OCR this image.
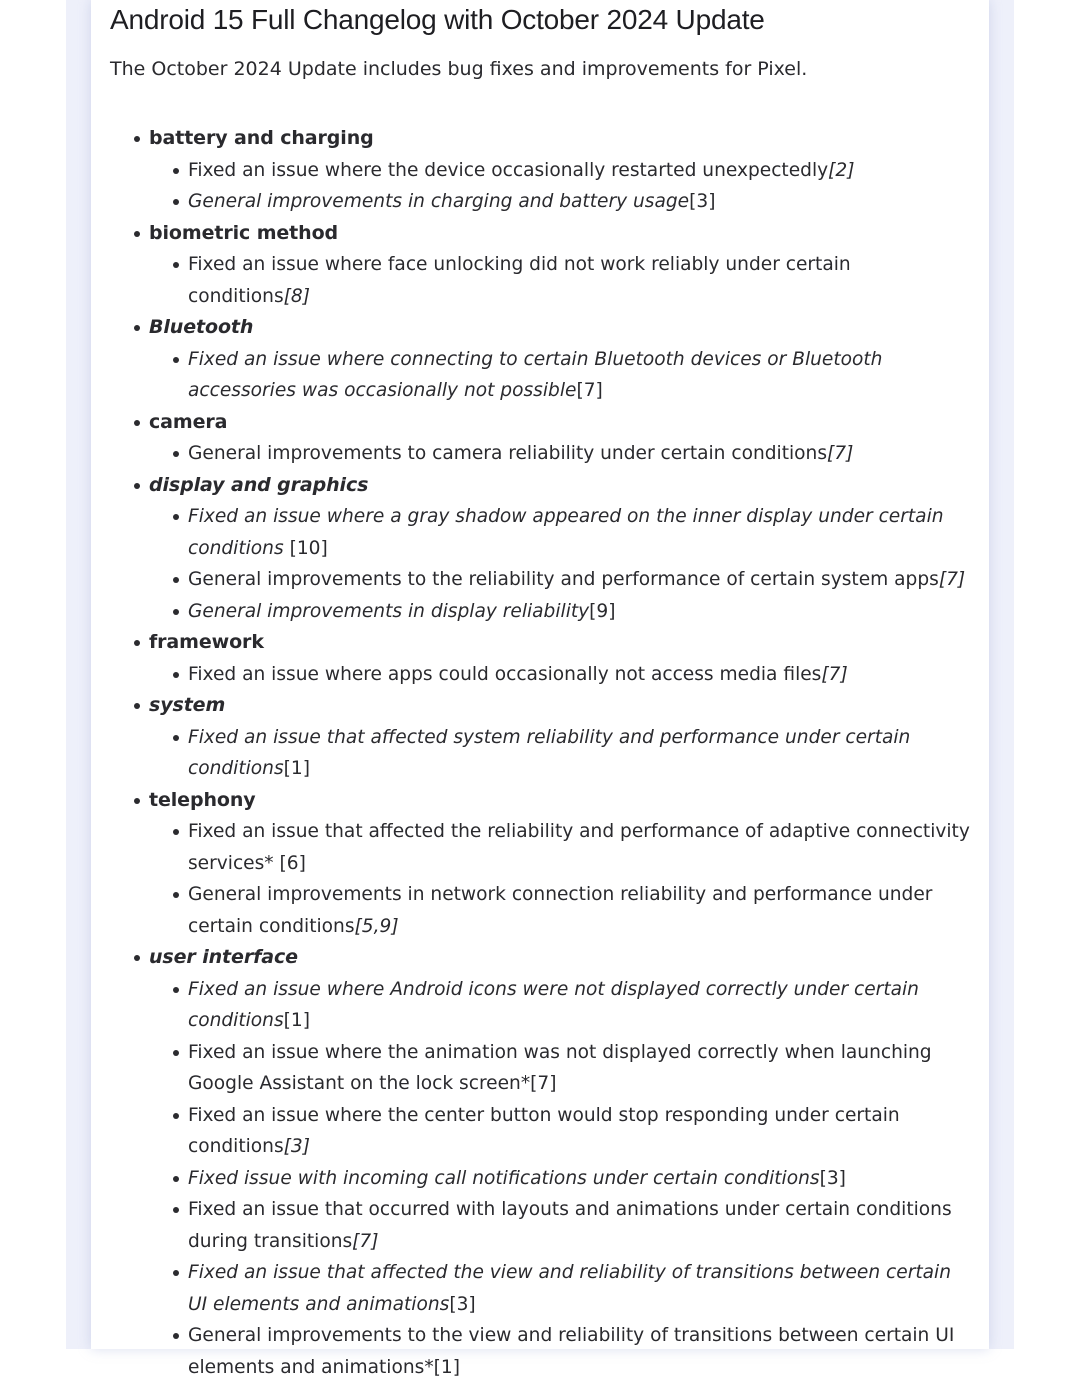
Android 15 Full Changelog with October 2024 Update

The October 2024 Update includes bug fixes and improvements for Pixel.

battery and charging
Fixed an issue where the device occasionally restarted unexpectedly[2]
General improvements in charging and battery usage[3]
biometric method
Fixed an issue where face unlocking did not work reliably under certain conditions[8]
Bluetooth
Fixed an issue where connecting to certain Bluetooth devices or Bluetooth accessories was occasionally not possible[7]
camera
General improvements to camera reliability under certain conditions[7]
display and graphics
Fixed an issue where a gray shadow appeared on the inner display under certain conditions [10]
General improvements to the reliability and performance of certain system apps[7]
General improvements in display reliability[9]
framework
Fixed an issue where apps could occasionally not access media files[7]
system
Fixed an issue that affected system reliability and performance under certain conditions[1]
telephony
Fixed an issue that affected the reliability and performance of adaptive connectivity services* [6]
General improvements in network connection reliability and performance under certain conditions[5,9]
user interface
Fixed an issue where Android icons were not displayed correctly under certain conditions[1]
Fixed an issue where the animation was not displayed correctly when launching Google Assistant on the lock screen*[7]
Fixed an issue where the center button would stop responding under certain conditions[3]
Fixed issue with incoming call notifications under certain conditions[3]
Fixed an issue that occurred with layouts and animations under certain conditions during transitions[7]
Fixed an issue that affected the view and reliability of transitions between certain UI elements and animations[3]
General improvements to the view and reliability of transitions between certain UI elements and animations*[1]
